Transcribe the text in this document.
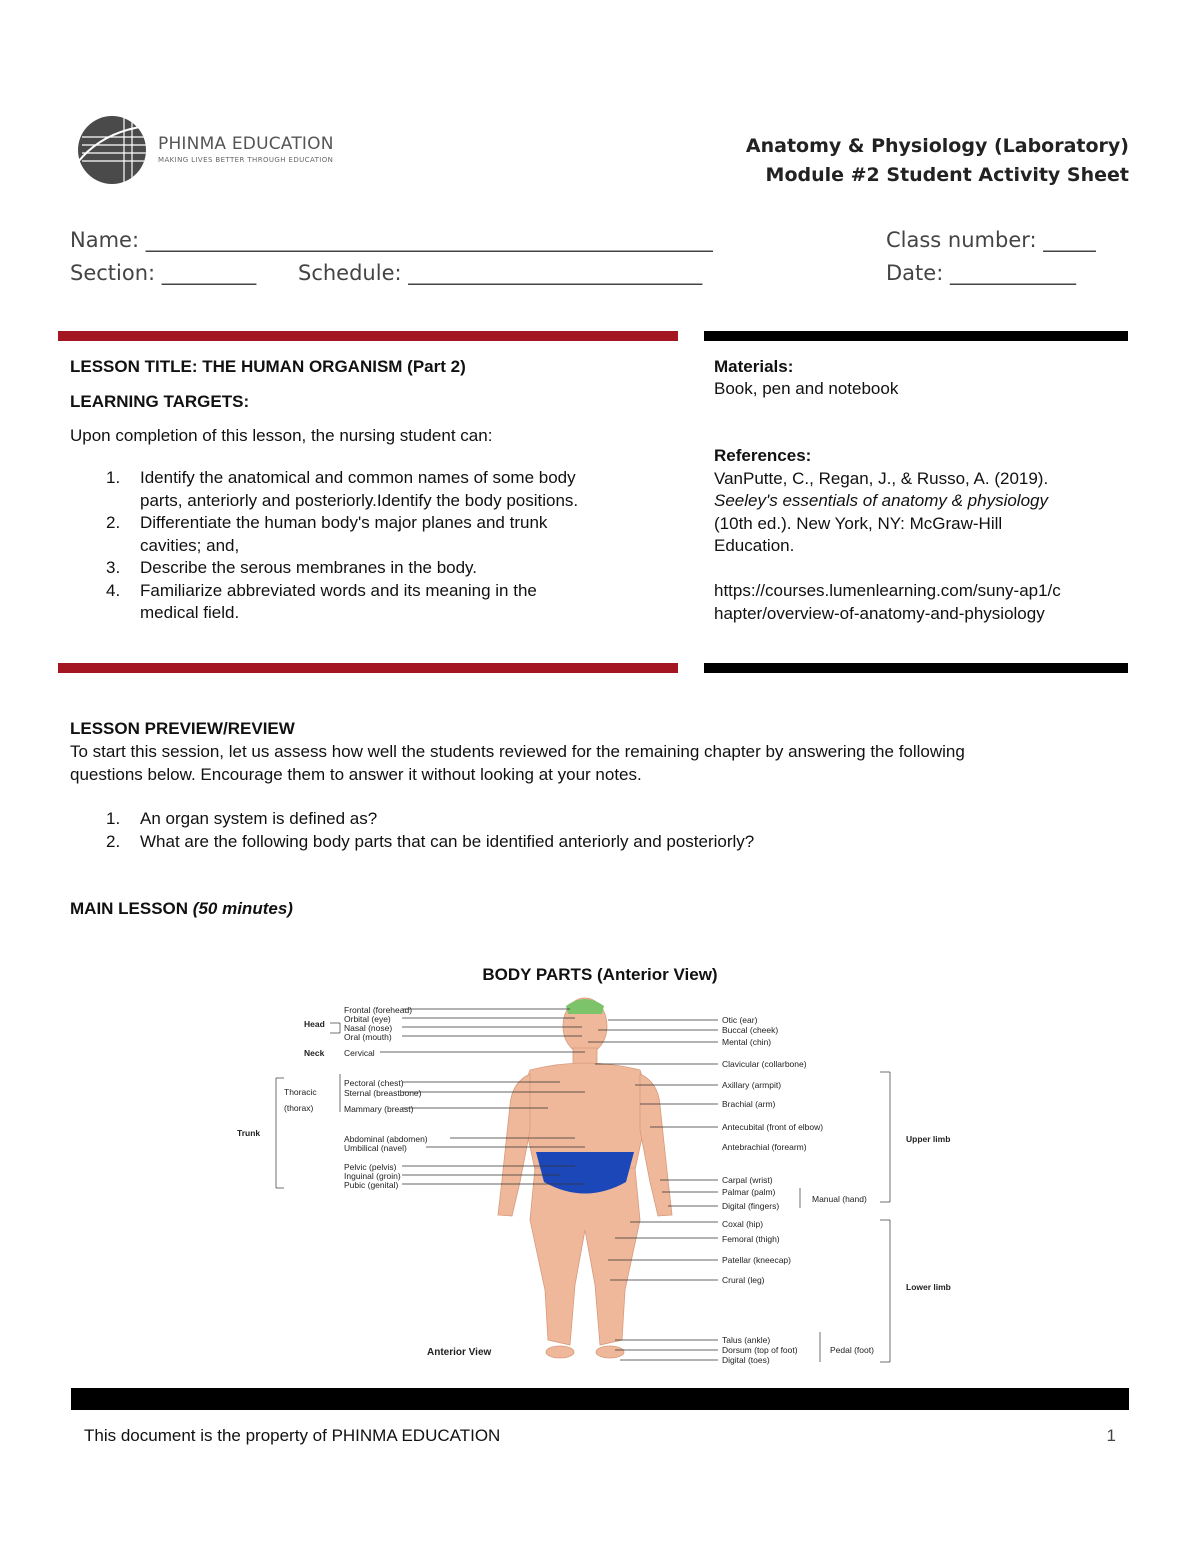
PHINMA EDUCATION
MAKING LIVES BETTER THROUGH EDUCATION
Anatomy & Physiology (Laboratory)
Module #2 Student Activity Sheet
Name: ______________________________________________________	Class number: _____
Section: _________ Schedule: ____________________________	Date: ____________
LESSON TITLE: THE HUMAN ORGANISM (Part 2)
LEARNING TARGETS:
Upon completion of this lesson, the nursing student can:
1. Identify the anatomical and common names of some body
parts, anteriorly and posteriorly.Identify the body positions.
2. Differentiate the human body's major planes and trunk
cavities; and,
3. Describe the serous membranes in the body.
4. Familiarize abbreviated words and its meaning in the
medical field.
Materials:
Book, pen and notebook
References:
VanPutte, C., Regan, J., & Russo, A. (2019).
Seeley's essentials of anatomy & physiology
(10th ed.). New York, NY: McGraw-Hill
Education.
https://courses.lumenlearning.com/suny-ap1/c
hapter/overview-of-anatomy-and-physiology
LESSON PREVIEW/REVIEW
To start this session, let us assess how well the students reviewed for the remaining chapter by answering the following
questions below. Encourage them to answer it without looking at your notes.
1. An organ system is defined as?
2. What are the following body parts that can be identified anteriorly and posteriorly?
MAIN LESSON (50 minutes)
BODY PARTS (Anterior View)
Frontal (forehead)
Orbital (eye)
Nasal (nose)
Oral (mouth)
Cervical
Pectoral (chest)
Sternal (breastbone)
Mammary (breast)
Abdominal (abdomen)
Umbilical (navel)
Pelvic (pelvis)
Inguinal (groin)
Pubic (genital)
Head
Neck
Thoracic
(thorax)
Trunk
Otic (ear)
Buccal (cheek)
Mental (chin)
Clavicular (collarbone)
Axillary (armpit)
Brachial (arm)
Antecubital (front of elbow)
Antebrachial (forearm)
Carpal (wrist)
Palmar (palm)
Digital (fingers)
Coxal (hip)
Femoral (thigh)
Patellar (kneecap)
Crural (leg)
Talus (ankle)
Dorsum (top of foot)
Digital (toes)
Manual (hand)
Upper limb
Lower limb
Pedal (foot)
Anterior View
This document is the property of PHINMA EDUCATION	1
